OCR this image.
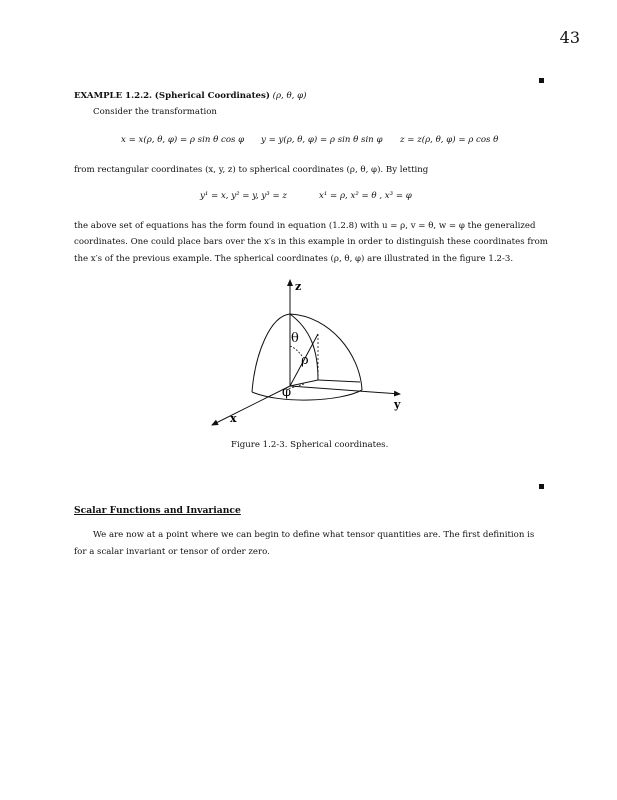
43
EXAMPLE 1.2.2. (Spherical Coordinates) (ρ, θ, φ)
Consider the transformation
x = x(ρ, θ, φ) = ρ sin θ cos φ y = y(ρ, θ, φ) = ρ sin θ sin φ z = z(ρ, θ, φ) = ρ cos θ
from rectangular coordinates (x, y, z) to spherical coordinates (ρ, θ, φ). By letting
y¹ = x, y² = y, y³ = z	x¹ = ρ, x² = θ , x³ = φ
the above set of equations has the form found in equation (1.2.8) with u = ρ, v = θ, w = φ the generalized
coordinates. One could place bars over the x′s in this example in order to distinguish these coordinates from
the x′s of the previous example. The spherical coordinates (ρ, θ, φ) are illustrated in the figure 1.2-3.
z
y
x
θ
ρ
φ
Figure 1.2-3. Spherical coordinates.
Scalar Functions and Invariance
We are now at a point where we can begin to define what tensor quantities are. The first definition is
for a scalar invariant or tensor of order zero.
